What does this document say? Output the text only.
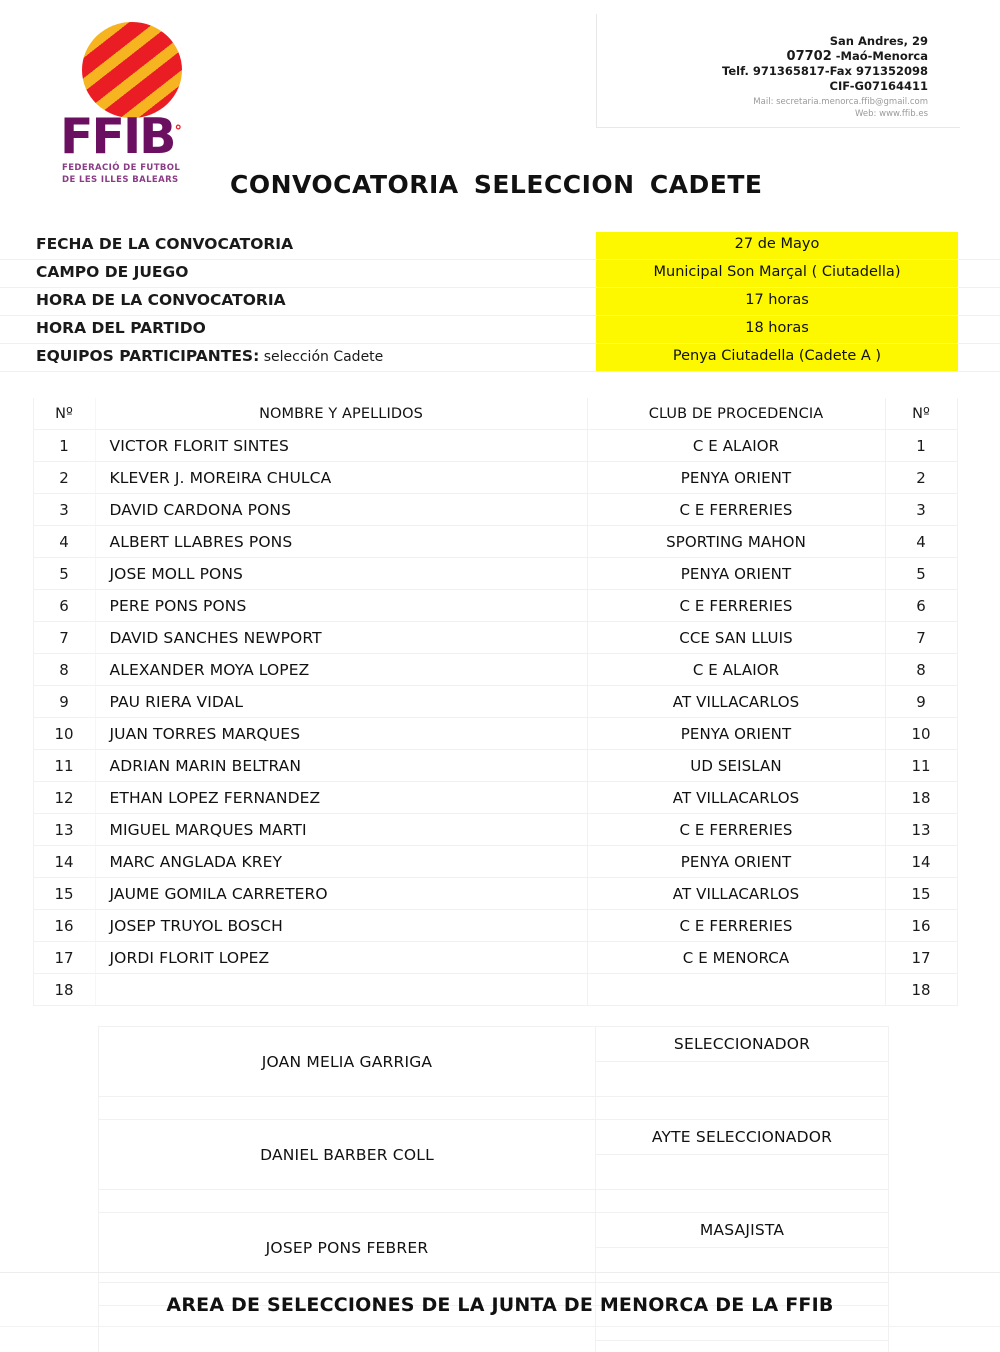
FFIB°
FEDERACIÓ DE FUTBOL
DE LES ILLES BALEARS
San Andres, 29
07702 -Maó-Menorca
Telf. 971365817-Fax 971352098
CIF-G07164411
Mail: secretaria.menorca.ffib@gmail.com
Web: www.ffib.es
CONVOCATORIA SELECCION CADETE
FECHA DE LA CONVOCATORIA	27 de Mayo
CAMPO DE JUEGO	Municipal Son Marçal ( Ciutadella)
HORA DE LA CONVOCATORIA	17 horas
HORA DEL PARTIDO	18 horas
EQUIPOS PARTICIPANTES: selección Cadete	Penya Ciutadella (Cadete A )
	Nº	NOMBRE Y APELLIDOS	CLUB DE PROCEDENCIA	Nº	
	1	VICTOR FLORIT SINTES	C E ALAIOR	1	
	2	KLEVER J. MOREIRA CHULCA	PENYA ORIENT	2	
	3	DAVID CARDONA PONS	C E FERRERIES	3	
	4	ALBERT LLABRES PONS	SPORTING MAHON	4	
	5	JOSE MOLL PONS	PENYA ORIENT	5	
	6	PERE PONS PONS	C E FERRERIES	6	
	7	DAVID SANCHES NEWPORT	CCE SAN LLUIS	7	
	8	ALEXANDER MOYA LOPEZ	C E ALAIOR	8	
	9	PAU RIERA VIDAL	AT VILLACARLOS	9	
	10	JUAN TORRES MARQUES	PENYA ORIENT	10	
	11	ADRIAN MARIN BELTRAN	UD SEISLAN	11	
	12	ETHAN LOPEZ FERNANDEZ	AT VILLACARLOS	18	
	13	MIGUEL MARQUES MARTI	C E FERRERIES	13	
	14	MARC ANGLADA KREY	PENYA ORIENT	14	
	15	JAUME GOMILA CARRETERO	AT VILLACARLOS	15	
	16	JOSEP TRUYOL BOSCH	C E FERRERIES	16	
	17	JORDI FLORIT LOPEZ	C E MENORCA	17	
	18			18	
JOAN MELIA GARRIGA	SELECCIONADOR

DANIEL BARBER COLL	AYTE SELECCIONADOR

JOSEP PONS FEBRER	MASAJISTA

AREA DE SELECCIONES DE LA JUNTA DE MENORCA DE LA FFIB
